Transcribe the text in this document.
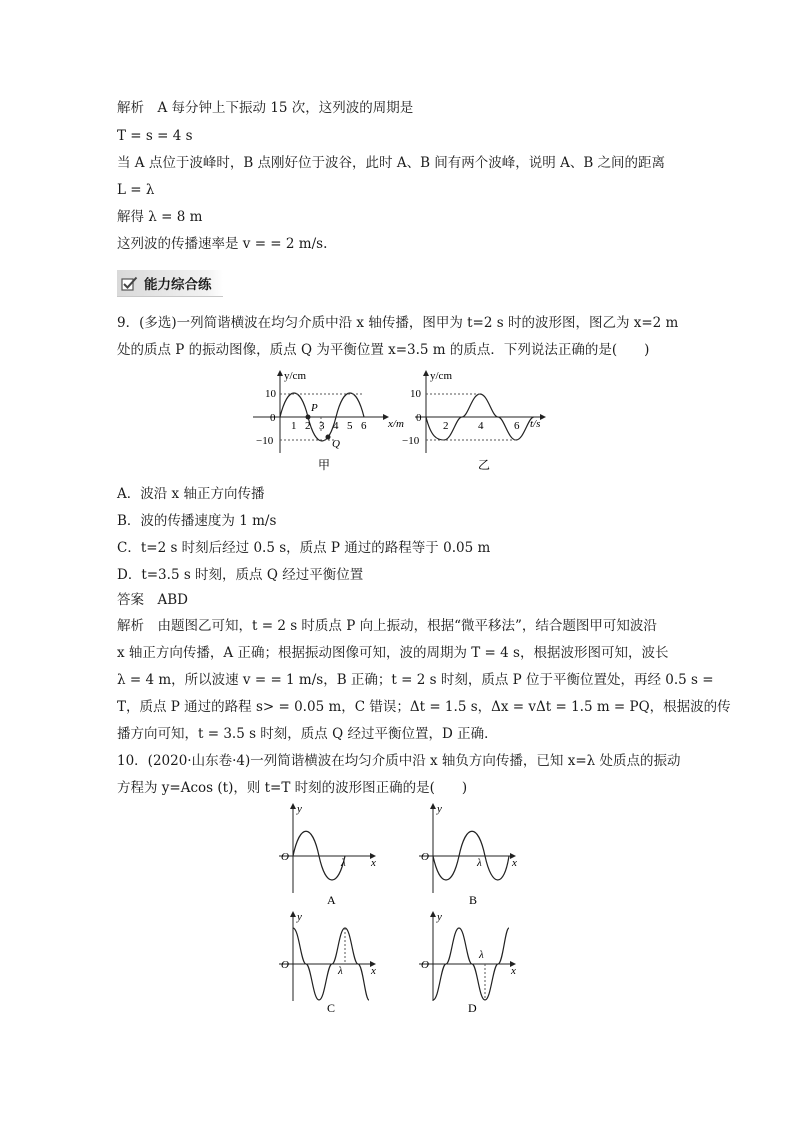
解析　A 每分钟上下振动 15 次，这列波的周期是
T = s = 4 s
当 A 点位于波峰时，B 点刚好位于波谷，此时 A、B 间有两个波峰，说明 A、B 之间的距离
L = λ
解得 λ = 8 m
这列波的传播速率是 v = = 2 m/s.
能力综合练
9．(多选)一列简谐横波在均匀介质中沿 x 轴传播，图甲为 t=2 s 时的波形图，图乙为 x=2 m
处的质点 P 的振动图像，质点 Q 为平衡位置 x=3.5 m 的质点．下列说法正确的是(　　)
y/cm
x/m
10
0
−10
1 2 3 4 5 6
P
Q
甲
y/cm
t/s
10
0
−10
2	4	6
乙
A．波沿 x 轴正方向传播
B．波的传播速度为 1 m/s
C．t=2 s 时刻后经过 0.5 s，质点 P 通过的路程等于 0.05 m
D．t=3.5 s 时刻，质点 Q 经过平衡位置
答案　ABD
解析　由题图乙可知，t = 2 s 时质点 P 向上振动，根据“微平移法”，结合题图甲可知波沿
x 轴正方向传播，A 正确；根据振动图像可知，波的周期为 T = 4 s，根据波形图可知，波长
λ = 4 m，所以波速 v = = 1 m/s，B 正确；t = 2 s 时刻，质点 P 位于平衡位置处，再经 0.5 s =
T，质点 P 通过的路程 s> = 0.05 m，C 错误；Δt = 1.5 s，Δx = vΔt = 1.5 m = PQ，根据波的传
播方向可知，t = 3.5 s 时刻，质点 Q 经过平衡位置，D 正确．
10．(2020·山东卷·4)一列简谐横波在均匀介质中沿 x 轴负方向传播，已知 x=λ 处质点的振动
方程为 y=Acos (t)，则 t=T 时刻的波形图正确的是(　　)
y
x
O	λ
A
y
x
O	λ
B
y
x
O	λ
C
y
x
O
λ
D
